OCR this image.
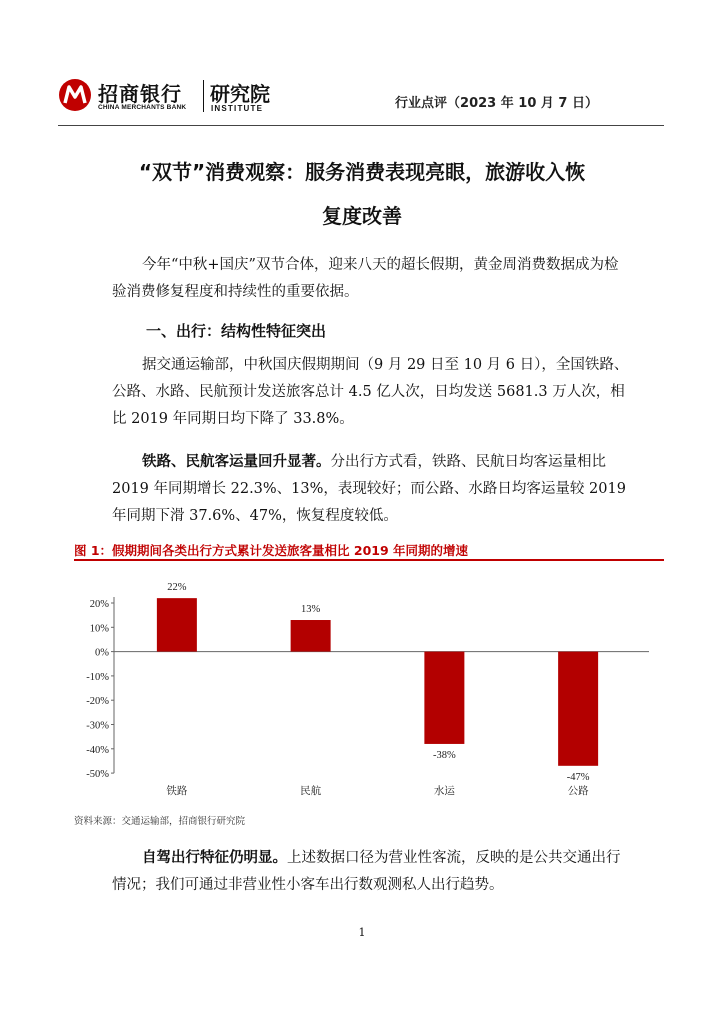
招商银行
CHINA MERCHANTS BANK
研究院
INSTITUTE	行业点评（2023 年 10 月 7 日）
“双节”消费观察：服务消费表现亮眼，旅游收入恢
复度改善
今年“中秋+国庆”双节合体，迎来八天的超长假期，黄金周消费数据成为检验消费修复程度和持续性的重要依据。
一、出行：结构性特征突出
据交通运输部，中秋国庆假期期间（9 月 29 日至 10 月 6 日），全国铁路、公路、水路、民航预计发送旅客总计 4.5 亿人次，日均发送 5681.3 万人次，相比 2019 年同期日均下降了 33.8%。
铁路、民航客运量回升显著。分出行方式看，铁路、民航日均客运量相比 2019 年同期增长 22.3%、13%，表现较好；而公路、水路日均客运量较 2019 年同期下滑 37.6%、47%，恢复程度较低。
图 1：假期期间各类出行方式累计发送旅客量相比 2019 年同期的增速
20%
10%
0%
-10%
-20%
-30%
-40%
-50%
22%
铁路
13%
民航
-38%
水运
-47%
公路
资料来源：交通运输部，招商银行研究院
自驾出行特征仍明显。上述数据口径为营业性客流，反映的是公共交通出行情况；我们可通过非营业性小客车出行数观测私人出行趋势。
1
